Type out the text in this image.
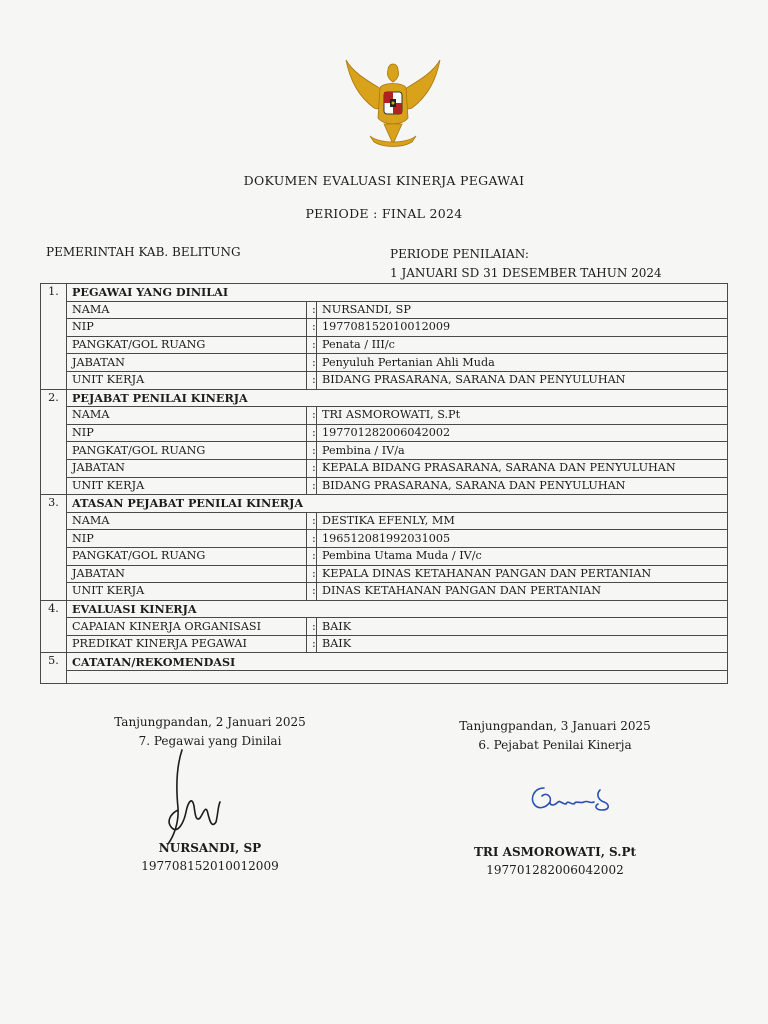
DOKUMEN EVALUASI KINERJA PEGAWAI
PERIODE : FINAL 2024
PEMERINTAH KAB. BELITUNG	PERIODE PENILAIAN:
1 JANUARI SD 31 DESEMBER TAHUN 2024
1.	PEGAWAI YANG DINILAI		
	NAMA	:	NURSANDI, SP
	NIP	:	197708152010012009
	PANGKAT/GOL RUANG	:	Penata / III/c
	JABATAN	:	Penyuluh Pertanian Ahli Muda
	UNIT KERJA	:	BIDANG PRASARANA, SARANA DAN PENYULUHAN
2.	PEJABAT PENILAI KINERJA		
	NAMA	:	TRI ASMOROWATI, S.Pt
	NIP	:	197701282006042002
	PANGKAT/GOL RUANG	:	Pembina / IV/a
	JABATAN	:	KEPALA BIDANG PRASARANA, SARANA DAN PENYULUHAN
	UNIT KERJA	:	BIDANG PRASARANA, SARANA DAN PENYULUHAN
3.	ATASAN PEJABAT PENILAI KINERJA		
	NAMA	:	DESTIKA EFENLY, MM
	NIP	:	196512081992031005
	PANGKAT/GOL RUANG	:	Pembina Utama Muda / IV/c
	JABATAN	:	KEPALA DINAS KETAHANAN PANGAN DAN PERTANIAN
	UNIT KERJA	:	DINAS KETAHANAN PANGAN DAN PERTANIAN
4.	EVALUASI KINERJA		
	CAPAIAN KINERJA ORGANISASI	:	BAIK
	PREDIKAT KINERJA PEGAWAI	:	BAIK
5.	CATATAN/REKOMENDASI		

Tanjungpandan, 2 Januari 2025
7. Pegawai yang Dinilai
NURSANDI, SP
197708152010012009
Tanjungpandan, 3 Januari 2025
6. Pejabat Penilai Kinerja
TRI ASMOROWATI, S.Pt
197701282006042002
